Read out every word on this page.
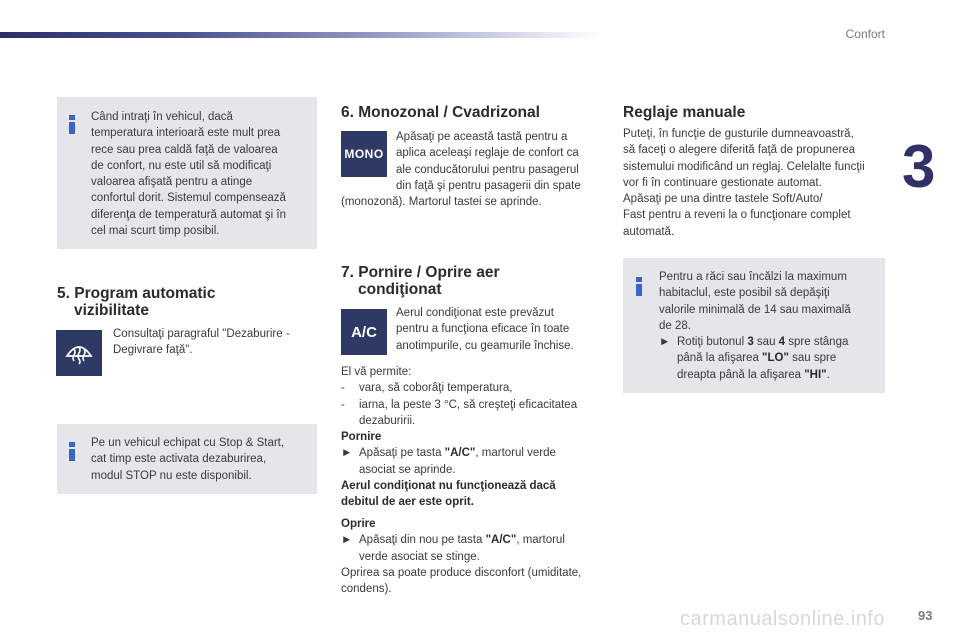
Confort
3
Când intraţi în vehicul, dacă
temperatura interioară este mult prea
rece sau prea caldă faţă de valoarea
de confort, nu este util să modificaţi
valoarea afişată pentru a atinge
confortul dorit. Sistemul compensează
diferenţa de temperatură automat şi în
cel mai scurt timp posibil.
5. Program automatic
vizibilitate
Consultaţi paragraful "Dezaburire -
Degivrare faţă".
Pe un vehicul echipat cu Stop & Start,
cat timp este activata dezaburirea,
modul STOP nu este disponibil.
6. Monozonal / Cvadrizonal
MONO
Apăsaţi pe această tastă pentru a
aplica aceleaşi reglaje de confort ca
ale conducătorului pentru pasagerul
din faţă şi pentru pasagerii din spate
(monozonă). Martorul tastei se aprinde.
7. Pornire / Oprire aer
condiţionat
A/C
Aerul condiţionat este prevăzut
pentru a funcţiona eficace în toate
anotimpurile, cu geamurile închise.
El vă permite:
- vara, să coborâţi temperatura,
- iarna, la peste 3 °C, să creşteţi eficacitatea
dezaburirii.
Pornire
► Apăsaţi pe tasta "A/C", martorul verde
asociat se aprinde.
Aerul condiţionat nu funcţionează dacă
debitul de aer este oprit.
Oprire
► Apăsaţi din nou pe tasta "A/C", martorul
verde asociat se stinge.
Oprirea sa poate produce disconfort (umiditate,
condens).
Reglaje manuale
Puteţi, în funcţie de gusturile dumneavoastră,
să faceţi o alegere diferită faţă de propunerea
sistemului modificând un reglaj. Celelalte funcţii
vor fi în continuare gestionate automat.
Apăsaţi pe una dintre tastele Soft/Auto/
Fast pentru a reveni la o funcţionare complet
automată.
Pentru a răci sau încălzi la maximum
habitaclul, este posibil să depăşiţi
valorile minimală de 14 sau maximală
de 28.
► Rotiţi butonul 3 sau 4 spre stânga
până la afişarea "LO" sau spre
dreapta până la afişarea "HI".
carmanualsonline.info	93
